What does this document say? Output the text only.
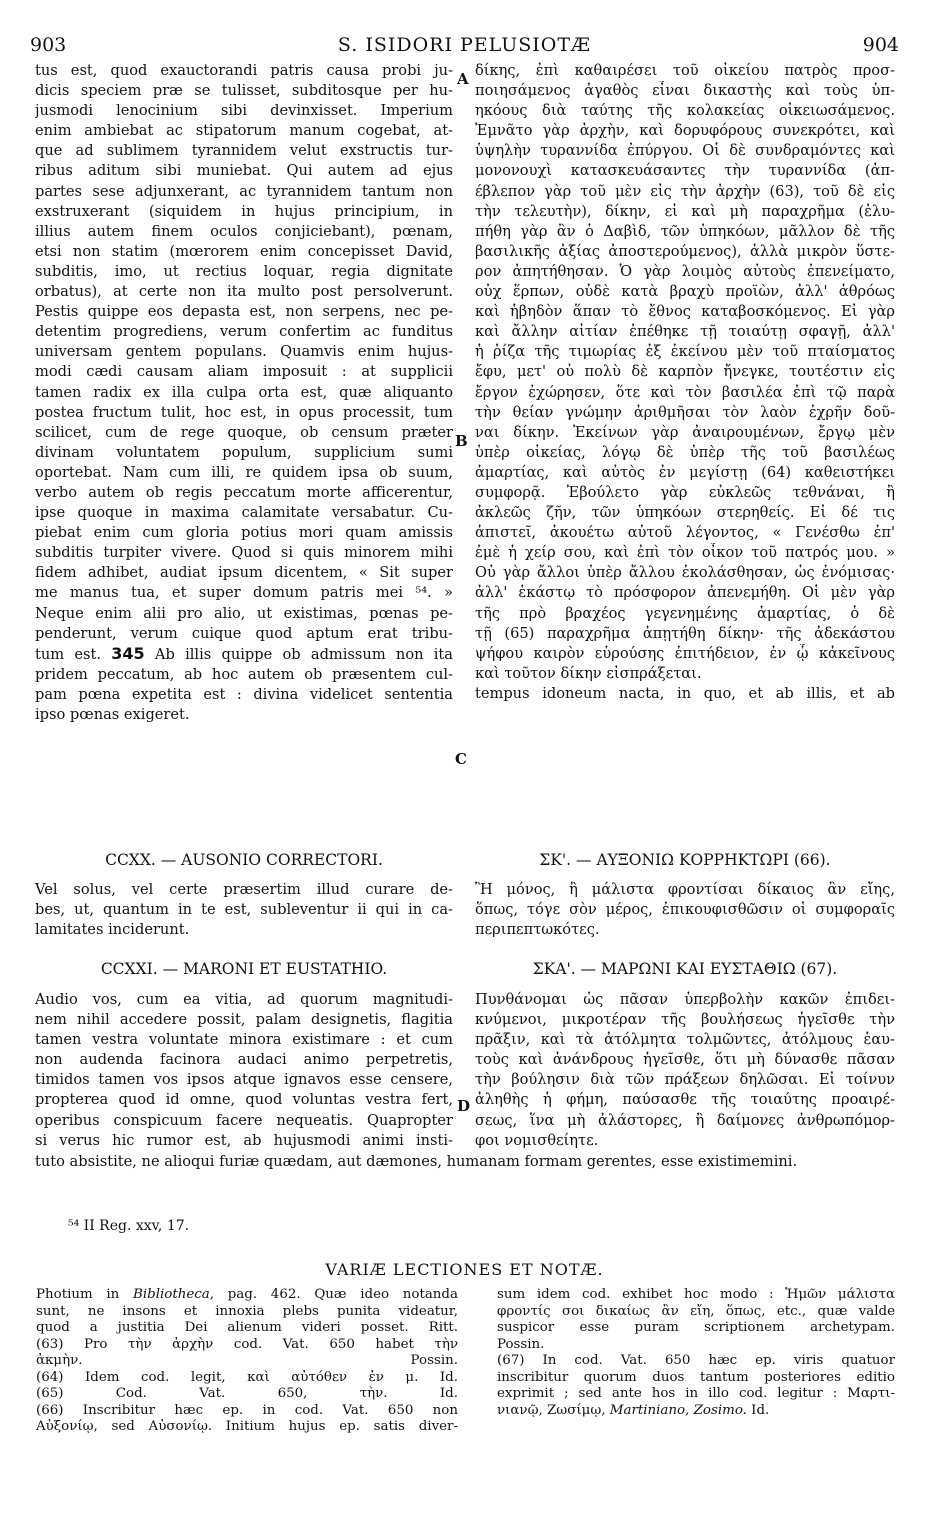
903	S. ISIDORI PELUSIOTÆ	904
A
B
C
D
tus est, quod exauctorandi patris causa probi ju-
dicis speciem præ se tulisset, subditosque per hu-
jusmodi lenocinium sibi devinxisset. Imperium
enim ambiebat ac stipatorum manum cogebat, at-
que ad sublimem tyrannidem velut exstructis tur-
ribus aditum sibi muniebat. Qui autem ad ejus
partes sese adjunxerant, ac tyrannidem tantum non
exstruxerant (siquidem in hujus principium, in
illius autem finem oculos conjiciebant), pœnam,
etsi non statim (mœrorem enim concepisset David,
subditis, imo, ut rectius loquar, regia dignitate
orbatus), at certe non ita multo post persolverunt.
Pestis quippe eos depasta est, non serpens, nec pe-
detentim progrediens, verum confertim ac funditus
universam gentem populans. Quamvis enim hujus-
modi cædi causam aliam imposuit : at supplicii
tamen radix ex illa culpa orta est, quæ aliquanto
postea fructum tulit, hoc est, in opus processit, tum
scilicet, cum de rege quoque, ob censum præter
divinam voluntatem populum, supplicium sumi
oportebat. Nam cum illi, re quidem ipsa ob suum,
verbo autem ob regis peccatum morte afficerentur,
ipse quoque in maxima calamitate versabatur. Cu-
piebat enim cum gloria potius mori quam amissis
subditis turpiter vivere. Quod si quis minorem mihi
fidem adhibet, audiat ipsum dicentem, « Sit super
me manus tua, et super domum patris mei ⁵⁴. »
Neque enim alii pro alio, ut existimas, pœnas pe-
penderunt, verum cuique quod aptum erat tribu-
tum est. 345 Ab illis quippe ob admissum non ita
pridem peccatum, ab hoc autem ob præsentem cul-
pam pœna expetita est : divina videlicet sententia
ipso pœnas exigeret.
δίκης, ἐπὶ καθαιρέσει τοῦ οἰκείου πατρὸς προσ-
ποιησάμενος ἀγαθὸς εἶναι δικαστὴς καὶ τοὺς ὑπ-
ηκόους διὰ ταύτης τῆς κολακείας οἰκειωσάμενος.
Ἐμνᾶτο γὰρ ἀρχὴν, καὶ δορυφόρους συνεκρότει, καὶ
ὑψηλὴν τυραννίδα ἐπύργου. Οἱ δὲ συνδραμόντες καὶ
μονονουχὶ κατασκευάσαντες τὴν τυραννίδα (ἀπ-
έβλεπον γὰρ τοῦ μὲν εἰς τὴν ἀρχὴν (63), τοῦ δὲ εἰς
τὴν τελευτὴν), δίκην, εἰ καὶ μὴ παραχρῆμα (ἐλυ-
πήθη γὰρ ἂν ὁ Δαβὶδ, τῶν ὑπηκόων, μᾶλλον δὲ τῆς
βασιλικῆς ἀξίας ἀποστερούμενος), ἀλλὰ μικρὸν ὕστε-
ρον ἀπητήθησαν. Ὁ γὰρ λοιμὸς αὐτοὺς ἐπενείματο,
οὐχ ἕρπων, οὐδὲ κατὰ βραχὺ προϊὼν, ἀλλ' ἀθρόως
καὶ ἡβηδὸν ἅπαν τὸ ἔθνος καταβοσκόμενος. Εἰ γὰρ
καὶ ἄλλην αἰτίαν ἐπέθηκε τῇ τοιαύτῃ σφαγῇ, ἀλλ'
ἡ ῥίζα τῆς τιμωρίας ἐξ ἐκείνου μὲν τοῦ πταίσματος
ἔφυ, μετ' οὐ πολὺ δὲ καρπὸν ἤνεγκε, τουτέστιν εἰς
ἔργον ἐχώρησεν, ὅτε καὶ τὸν βασιλέα ἐπὶ τῷ παρὰ
τὴν θείαν γνώμην ἀριθμῆσαι τὸν λαὸν ἐχρῆν δοῦ-
ναι δίκην. Ἐκείνων γὰρ ἀναιρουμένων, ἔργῳ μὲν
ὑπὲρ οἰκείας, λόγῳ δὲ ὑπὲρ τῆς τοῦ βασιλέως
ἁμαρτίας, καὶ αὐτὸς ἐν μεγίστῃ (64) καθειστήκει
συμφορᾷ. Ἐβούλετο γὰρ εὐκλεῶς τεθνάναι, ἢ
ἀκλεῶς ζῆν, τῶν ὑπηκόων στερηθείς. Εἰ δέ τις
ἀπιστεῖ, ἀκουέτω αὐτοῦ λέγοντος, « Γενέσθω ἐπ'
ἐμὲ ἡ χείρ σου, καὶ ἐπὶ τὸν οἶκον τοῦ πατρός μου. »
Οὐ γὰρ ἄλλοι ὑπὲρ ἄλλου ἐκολάσθησαν, ὡς ἐνόμισας·
ἀλλ' ἑκάστῳ τὸ πρόσφορον ἀπενεμήθη. Οἱ μὲν γὰρ
τῆς πρὸ βραχέος γεγενημένης ἁμαρτίας, ὁ δὲ
τῇ (65) παραχρῆμα ἀπῃτήθη δίκην· τῆς ἀδεκάστου
ψήφου καιρὸν εὑρούσης ἐπιτήδειον, ἐν ᾧ κἀκεῖνους
καὶ τοῦτον δίκην εἰσπράξεται.
tempus idoneum nacta, in quo, et ab illis, et ab
CCXX. — AUSONIO CORRECTORI.	ΣΚ'. — ΑΥΞΟΝΙΩ ΚΟΡΡΗΚΤΩΡΙ (66).
Vel solus, vel certe præsertim illud curare de-
bes, ut, quantum in te est, subleventur ii qui in ca-
lamitates inciderunt.
Ἢ μόνος, ἢ μάλιστα φροντίσαι δίκαιος ἂν εἴης,
ὅπως, τόγε σὸν μέρος, ἐπικουφισθῶσιν οἱ συμφοραῖς
περιπεπτωκότες.
CCXXI. — MARONI ET EUSTATHIO.	ΣΚΑ'. — ΜΑΡΩΝΙ ΚΑΙ ΕΥΣΤΑΘΙΩ (67).
Audio vos, cum ea vitia, ad quorum magnitudi-
nem nihil accedere possit, palam designetis, flagitia
tamen vestra voluntate minora existimare : et cum
non audenda facinora audaci animo perpetretis,
timidos tamen vos ipsos atque ignavos esse censere,
propterea quod id omne, quod voluntas vestra fert,
operibus conspicuum facere nequeatis. Quapropter
si verus hic rumor est, ab hujusmodi animi insti-
Πυνθάνομαι ὡς πᾶσαν ὑπερβολὴν κακῶν ἐπιδει-
κνύμενοι, μικροτέραν τῆς βουλήσεως ἡγεῖσθε τὴν
πρᾶξιν, καὶ τὰ ἀτόλμητα τολμῶντες, ἀτόλμους ἑαυ-
τοὺς καὶ ἀνάνδρους ἡγεῖσθε, ὅτι μὴ δύνασθε πᾶσαν
τὴν βούλησιν διὰ τῶν πράξεων δηλῶσαι. Εἰ τοίνυν
ἀληθὴς ἡ φήμη, παύσασθε τῆς τοιαύτης προαιρέ-
σεως, ἵνα μὴ ἀλάστορες, ἢ δαίμονες ἀνθρωπόμορ-
φοι νομισθείητε.
tuto absistite, ne alioqui furiæ quædam, aut dæmones, humanam formam gerentes, esse existimemini.
⁵⁴ II Reg. xxv, 17.
VARIÆ LECTIONES ET NOTÆ.
Photium in Bibliotheca, pag. 462. Quæ ideo notanda
sunt, ne insons et innoxia plebs punita videatur,
quod a justitia Dei alienum videri posset. Ritt.
(63) Pro τὴν ἀρχὴν cod. Vat. 650 habet τὴν
ἀκμὴν. Possin.
(64) Idem cod. legit, καὶ αὐτόθεν ἐν μ. Id.
(65) Cod. Vat. 650, τὴν. Id.
(66) Inscribitur hæc ep. in cod. Vat. 650 non
Αὐξονίῳ, sed Αὐσονίῳ. Initium hujus ep. satis diver-
sum idem cod. exhibet hoc modo : Ἡμῶν μάλιστα
φροντίς σοι δικαίως ἂν εἴη, ὅπως, etc., quæ valde
suspicor esse puram scriptionem archetypam.
Possin.
(67) In cod. Vat. 650 hæc ep. viris quatuor
inscribitur quorum duos tantum posteriores editio
exprimit ; sed ante hos in illo cod. legitur : Μαρτι-
νιανῷ, Ζωσίμῳ, Martiniano, Zosimo. Id.
